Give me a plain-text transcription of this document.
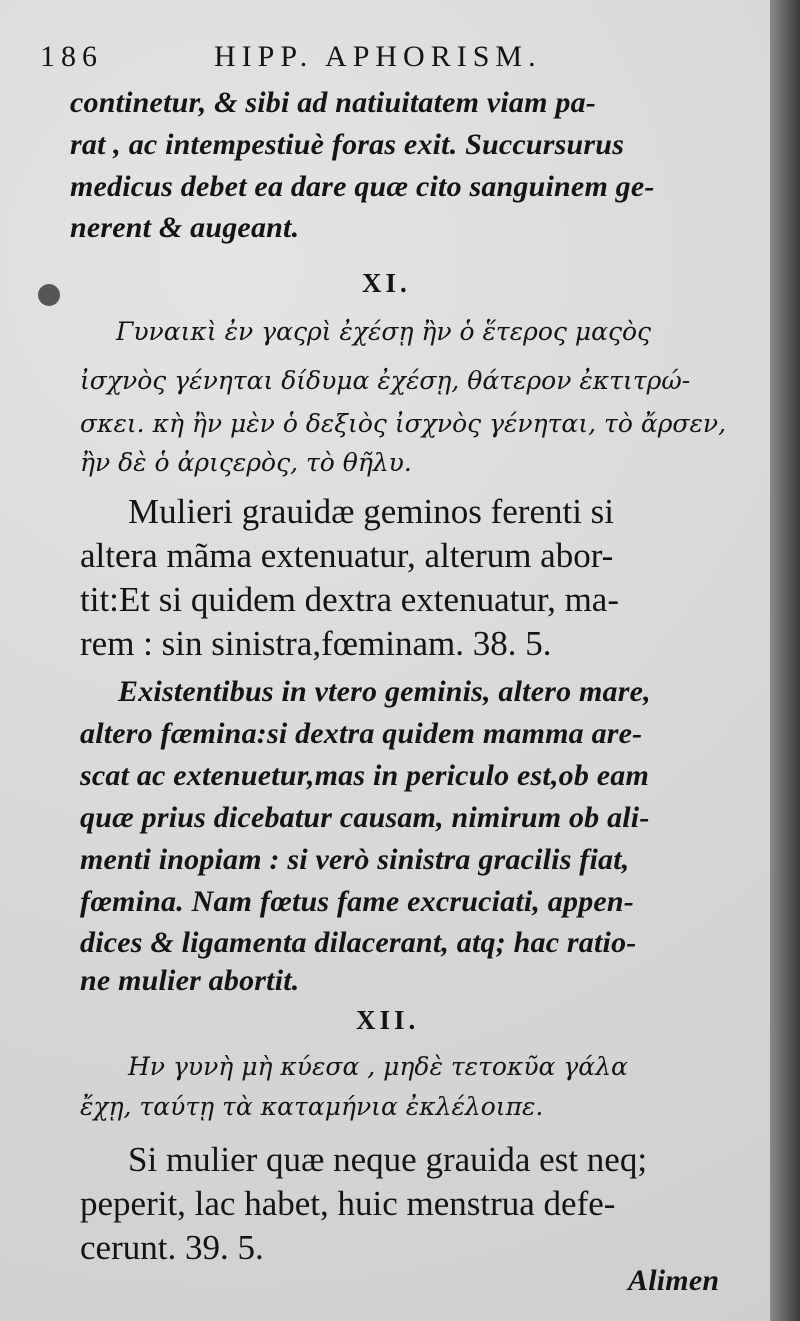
186	HIPP. APHORISM.
continetur, & sibi ad natiuitatem viam pa-
rat , ac intempestiuè foras exit. Succursurus
medicus debet ea dare quæ cito sanguinem ge-
nerent & augeant.
XI.
Γυναικὶ ἐν γαςρὶ ἐχέσῃ ἢν ὁ ἕτερος μαςὸς
ἰσχνὸς γένηται δίδυμα ἐχέσῃ, θάτερον ἐκτιτρώ-
σκει. κὴ ἢν μὲν ὁ δεξιὸς ἰσχνὸς γένηται, τὸ ἄρσεν,
ἢν δὲ ὁ ἀριςερὸς, τὸ θῆλυ.
Mulieri grauidæ geminos ferenti si
altera mãma extenuatur, alterum abor-
tit:Et si quidem dextra extenuatur, ma-
rem : sin sinistra,fœminam. 38. 5.
Existentibus in vtero geminis, altero mare,
altero fæmina:si dextra quidem mamma are-
scat ac extenuetur,mas in periculo est,ob eam
quæ prius dicebatur causam, nimirum ob ali-
menti inopiam : si verò sinistra gracilis fiat,
fœmina. Nam fœtus fame excruciati, appen-
dices & ligamenta dilacerant, atq; hac ratio-
ne mulier abortit.
XII.
Ην γυνὴ μὴ κύεσα , μηδὲ τετοκῦα γάλα
ἔχῃ, ταύτῃ τὰ καταμήνια ἐκλέλοιπε.
Si mulier quæ neque grauida est neq;
peperit, lac habet, huic menstrua defe-
cerunt. 39. 5.
Alimen
